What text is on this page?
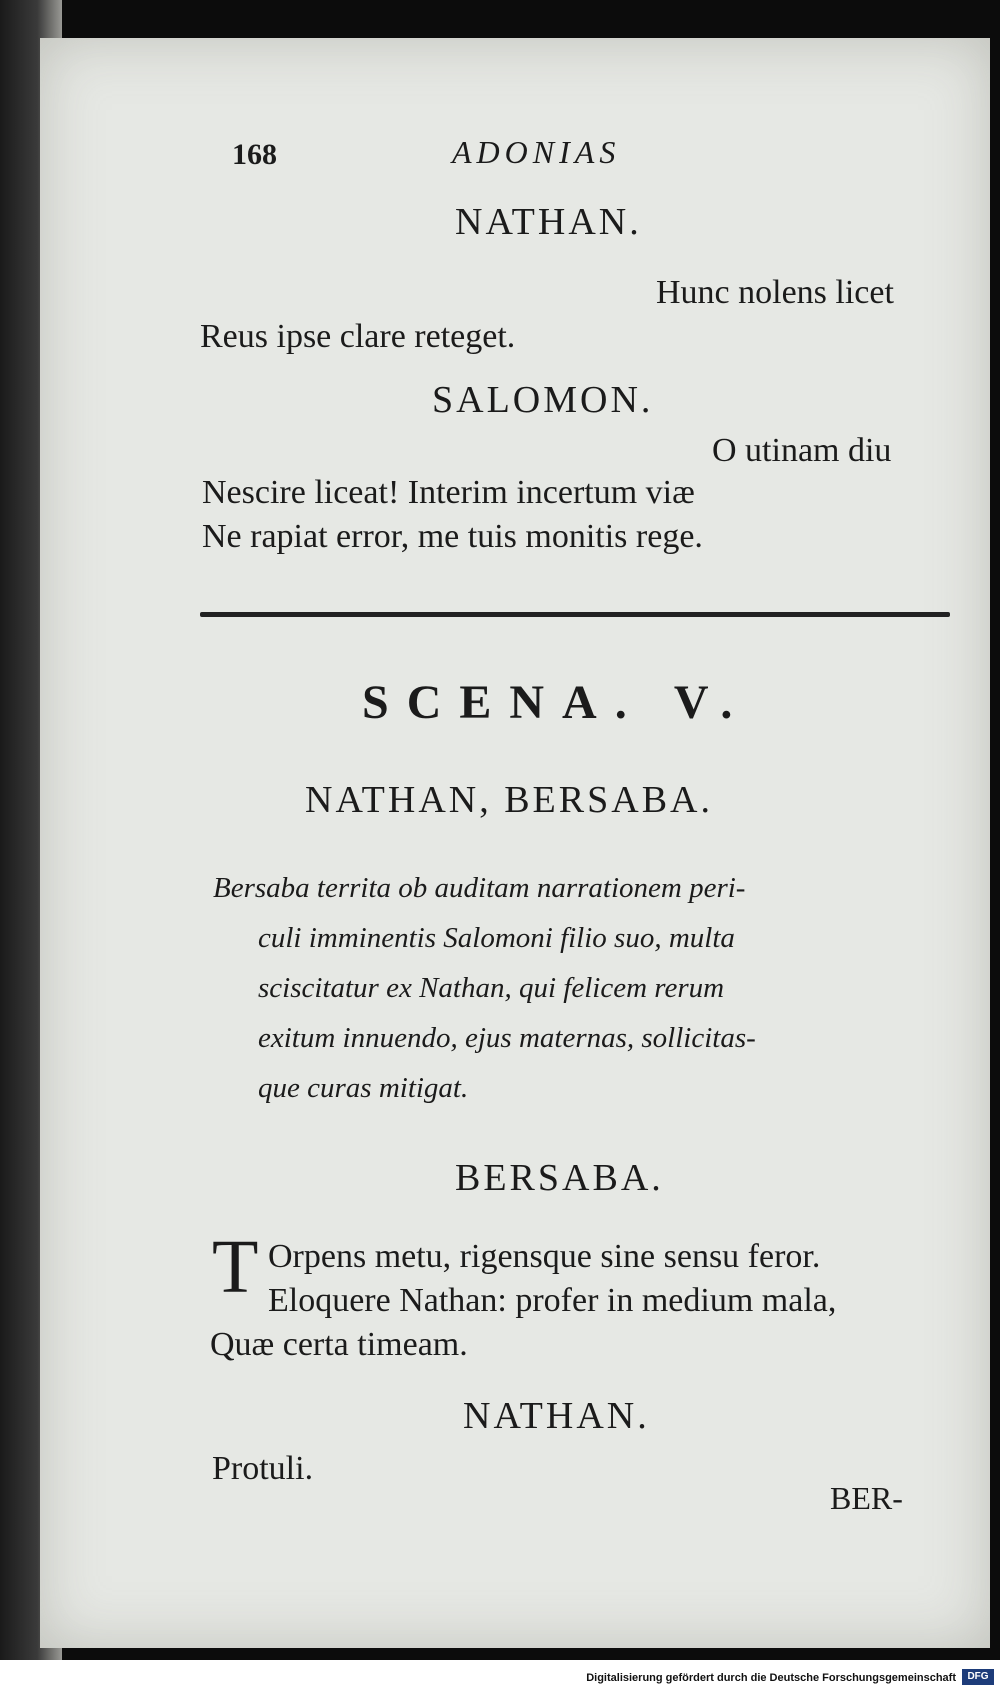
168	ADONIAS
NATHAN.
Hunc nolens licet
Reus ipse clare reteget.
SALOMON.
O utinam diu
Nescire liceat! Interim incertum viæ
Ne rapiat error, me tuis monitis rege.
SCENA. V.
NATHAN, BERSABA.
Bersaba territa ob auditam narrationem peri-
culi imminentis Salomoni filio suo, multa
sciscitatur ex Nathan, qui felicem rerum
exitum innuendo, ejus maternas, sollicitas-
que curas mitigat.
BERSABA.
T Orpens metu, rigensque sine sensu feror.
Eloquere Nathan: profer in medium mala,
Quæ certa timeam.
NATHAN.
Protuli.
BER-
Digitalisierung gefördert durch die Deutsche Forschungsgemeinschaft	DFG
